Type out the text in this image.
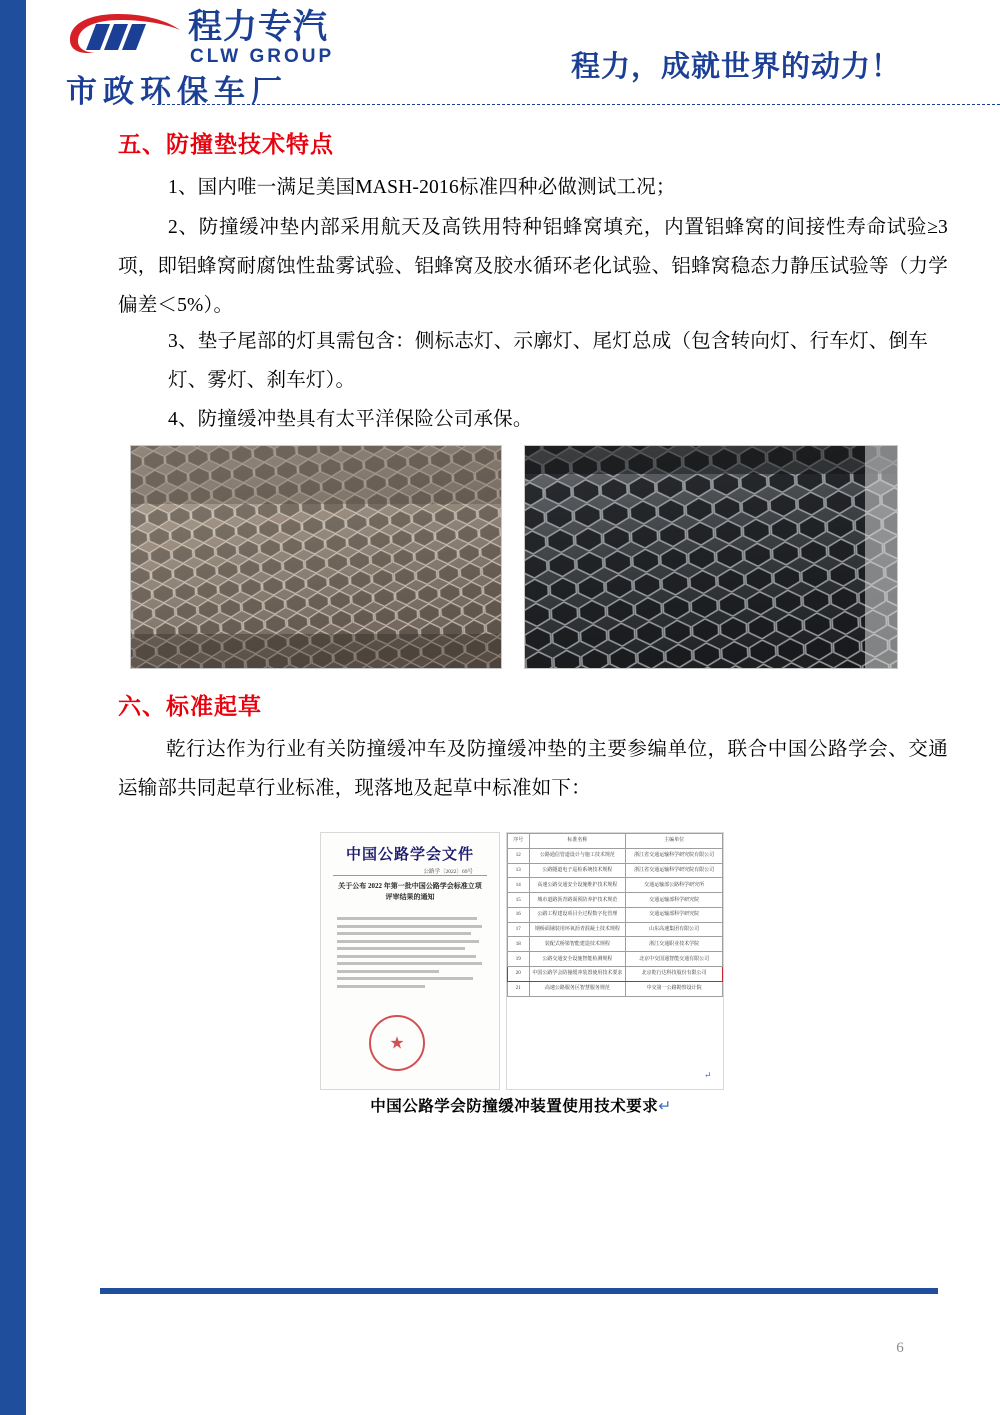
程力专汽
CLW GROUP
市政环保车厂
程力，成就世界的动力！
五、防撞垫技术特点
1、国内唯一满足美国MASH-2016标准四种必做测试工况；
2、防撞缓冲垫内部采用航天及高铁用特种铝蜂窝填充，内置铝蜂窝的间接性寿命试验≥3项，即铝蜂窝耐腐蚀性盐雾试验、铝蜂窝及胶水循环老化试验、铝蜂窝稳态力静压试验等（力学偏差＜5%）。
3、垫子尾部的灯具需包含：侧标志灯、示廓灯、尾灯总成（包含转向灯、行车灯、倒车灯、雾灯、刹车灯）。
4、防撞缓冲垫具有太平洋保险公司承保。
六、标准起草
乾行达作为行业有关防撞缓冲车及防撞缓冲垫的主要参编单位，联合中国公路学会、交通运输部共同起草行业标准，现落地及起草中标准如下：
中国公路学会文件
公路学〔2022〕69号
关于公布 2022 年第一批中国公路学会标准立项评审结果的通知
★
序号	标准名称	主编单位
12	公路通信管道设计与施工技术规范	浙江省交通运输科学研究院有限公司
13	公路隧道电子巡检系统技术规程	浙江省交通运输科学研究院有限公司
14	高速公路交通安全设施维护技术规程	交通运输部公路科学研究所
15	城市道路沥青路面预防养护技术规范	交通运输部科学研究院
16	公路工程建设项目全过程数字化管理	交通运输部科学研究院
17	钢桥面铺装用环氧沥青混凝土技术规程	山东高速集团有限公司
18	装配式桥梁智能建造技术规程	浙江交通职业技术学院
19	公路交通安全设施智能检测规程	北京中交国通智能交通有限公司
20	中国公路学会防撞缓冲装置使用技术要求	北京乾行达科技股份有限公司
21	高速公路服务区智慧服务规范	中交第一公路勘察设计院
↵
中国公路学会防撞缓冲装置使用技术要求↵
6
